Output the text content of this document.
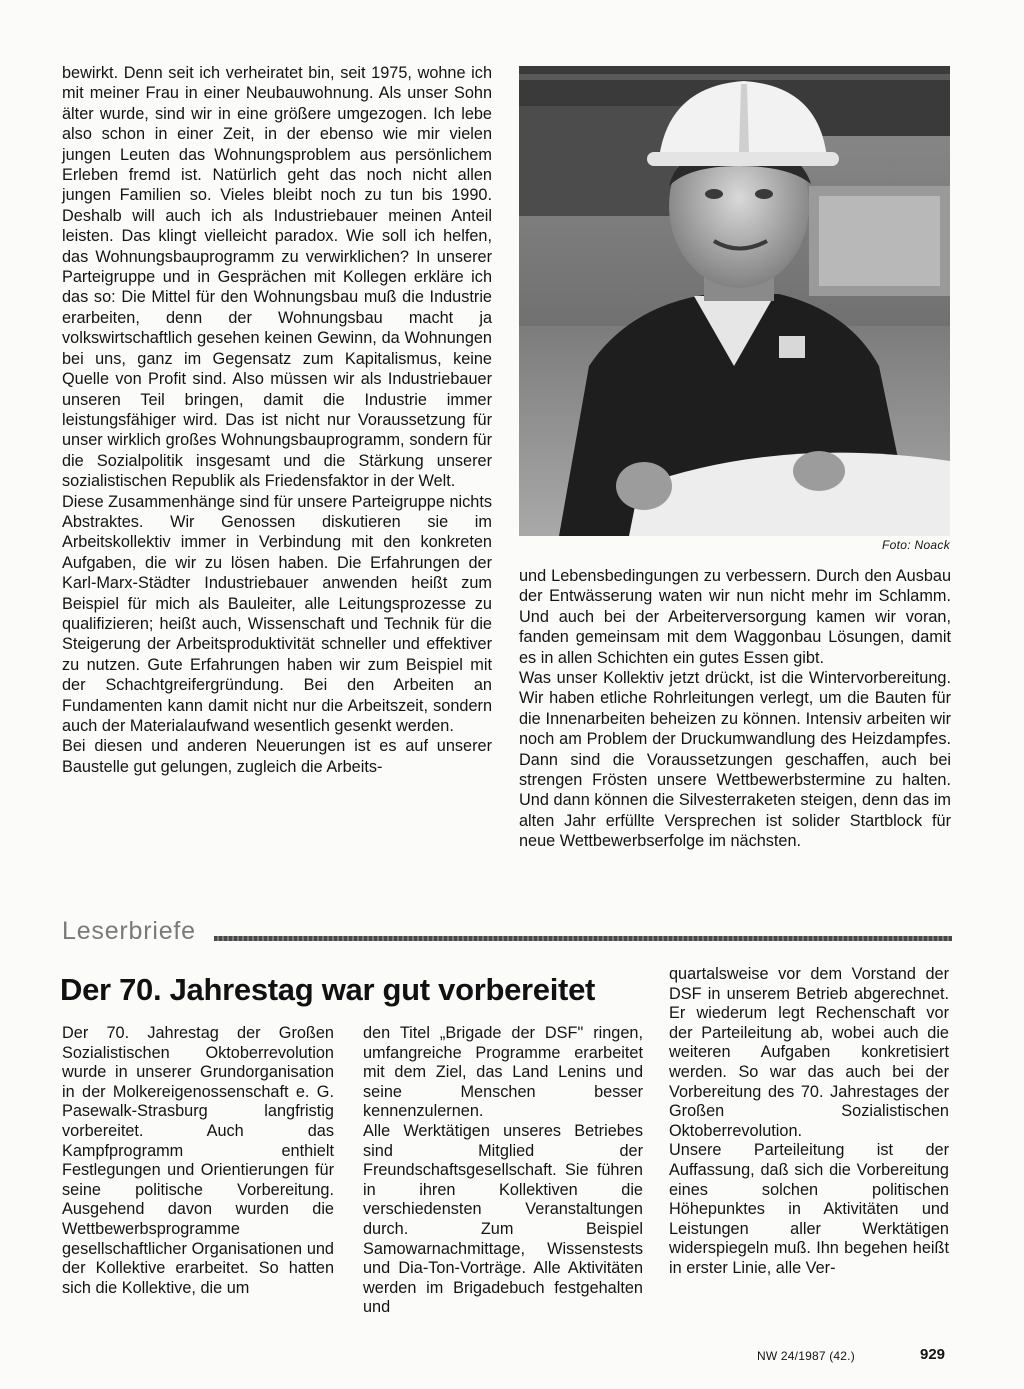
bewirkt. Denn seit ich verheiratet bin, seit 1975, wohne ich mit meiner Frau in einer Neubauwohnung. Als unser Sohn älter wurde, sind wir in eine größere umgezogen. Ich lebe also schon in einer Zeit, in der ebenso wie mir vielen jungen Leuten das Wohnungsproblem aus persönlichem Erleben fremd ist. Natürlich geht das noch nicht allen jungen Familien so. Vieles bleibt noch zu tun bis 1990. Deshalb will auch ich als Industriebauer meinen Anteil leisten. Das klingt vielleicht paradox. Wie soll ich helfen, das Wohnungsbauprogramm zu verwirklichen? In unserer Parteigruppe und in Gesprächen mit Kollegen erkläre ich das so: Die Mittel für den Wohnungsbau muß die Industrie erarbeiten, denn der Wohnungsbau macht ja volkswirtschaftlich gesehen keinen Gewinn, da Wohnungen bei uns, ganz im Gegensatz zum Kapitalismus, keine Quelle von Profit sind. Also müssen wir als Industriebauer unseren Teil bringen, damit die Industrie immer leistungsfähiger wird. Das ist nicht nur Voraussetzung für unser wirklich großes Wohnungsbauprogramm, sondern für die Sozialpolitik insgesamt und die Stärkung unserer sozialistischen Republik als Friedensfaktor in der Welt.

Diese Zusammenhänge sind für unsere Parteigruppe nichts Abstraktes. Wir Genossen diskutieren sie im Arbeitskollektiv immer in Verbindung mit den konkreten Aufgaben, die wir zu lösen haben. Die Erfahrungen der Karl-Marx-Städter Industriebauer anwenden heißt zum Beispiel für mich als Bauleiter, alle Leitungsprozesse zu qualifizieren; heißt auch, Wissenschaft und Technik für die Steigerung der Arbeitsproduktivität schneller und effektiver zu nutzen. Gute Erfahrungen haben wir zum Beispiel mit der Schachtgreifergründung. Bei den Arbeiten an Fundamenten kann damit nicht nur die Arbeitszeit, sondern auch der Materialaufwand wesentlich gesenkt werden.

Bei diesen und anderen Neuerungen ist es auf unserer Baustelle gut gelungen, zugleich die Arbeits-

Foto: Noack

und Lebensbedingungen zu verbessern. Durch den Ausbau der Entwässerung waten wir nun nicht mehr im Schlamm. Und auch bei der Arbeiterversorgung kamen wir voran, fanden gemeinsam mit dem Waggonbau Lösungen, damit es in allen Schichten ein gutes Essen gibt.

Was unser Kollektiv jetzt drückt, ist die Wintervorbereitung. Wir haben etliche Rohrleitungen verlegt, um die Bauten für die Innenarbeiten beheizen zu können. Intensiv arbeiten wir noch am Problem der Druckumwandlung des Heizdampfes. Dann sind die Voraussetzungen geschaffen, auch bei strengen Frösten unsere Wettbewerbstermine zu halten. Und dann können die Silvesterraketen steigen, denn das im alten Jahr erfüllte Versprechen ist solider Startblock für neue Wettbewerbserfolge im nächsten.

Leserbriefe
Der 70. Jahrestag war gut vorbereitet

Der 70. Jahrestag der Großen Sozialistischen Oktoberrevolution wurde in unserer Grundorganisation in der Molkereigenossenschaft e. G. Pasewalk-Strasburg langfristig vorbereitet. Auch das Kampfprogramm enthielt Festlegungen und Orientierungen für seine politische Vorbereitung. Ausgehend davon wurden die Wettbewerbsprogramme gesellschaftlicher Organisationen und der Kollektive erarbeitet. So hatten sich die Kollektive, die um

den Titel „Brigade der DSF" ringen, umfangreiche Programme erarbeitet mit dem Ziel, das Land Lenins und seine Menschen besser kennenzulernen.

Alle Werktätigen unseres Betriebes sind Mitglied der Freundschaftsgesellschaft. Sie führen in ihren Kollektiven die verschiedensten Veranstaltungen durch. Zum Beispiel Samowarnachmittage, Wissenstests und Dia-Ton-Vorträge. Alle Aktivitäten werden im Brigadebuch festgehalten und

quartalsweise vor dem Vorstand der DSF in unserem Betrieb abgerechnet. Er wiederum legt Rechenschaft vor der Parteileitung ab, wobei auch die weiteren Aufgaben konkretisiert werden. So war das auch bei der Vorbereitung des 70. Jahrestages der Großen Sozialistischen Oktoberrevolution.

Unsere Parteileitung ist der Auffassung, daß sich die Vorbereitung eines solchen politischen Höhepunktes in Aktivitäten und Leistungen aller Werktätigen widerspiegeln muß. Ihn begehen heißt in erster Linie, alle Ver-

NW 24/1987 (42.)	929
